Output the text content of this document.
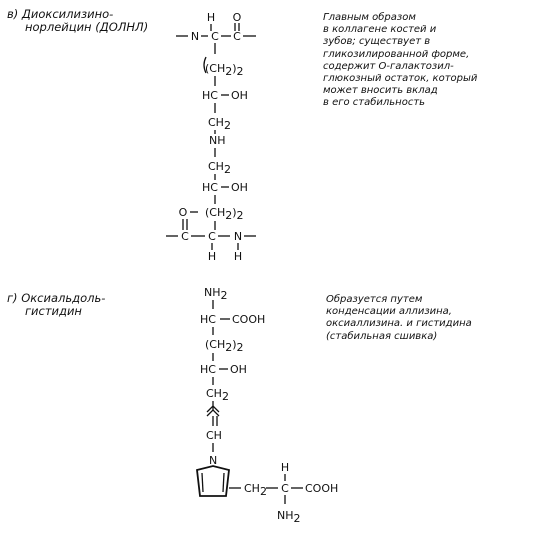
в) Диоксилизино-
норлейцин (ДОЛНЛ)
Главным образом
в коллагене костей и
зубов; существует в
гликозилированной форме,
содержит O-галактозил-
глюкозный остаток, который
может вносить вклад
в его стабильность
г) Оксиальдоль-
гистидин
Образуется путем
конденсации аллизина,
оксиаллизина. и гистидина
(стабильная сшивка)
H O
N C C
(CH2)2
HC OH
CH2
NH
CH2
HC OH
O (CH2)2
C C N
H H
NH2
HC COOH
(CH2)2
HC OH
CH2
CH
N
CH2 C COOH
H
NH2
